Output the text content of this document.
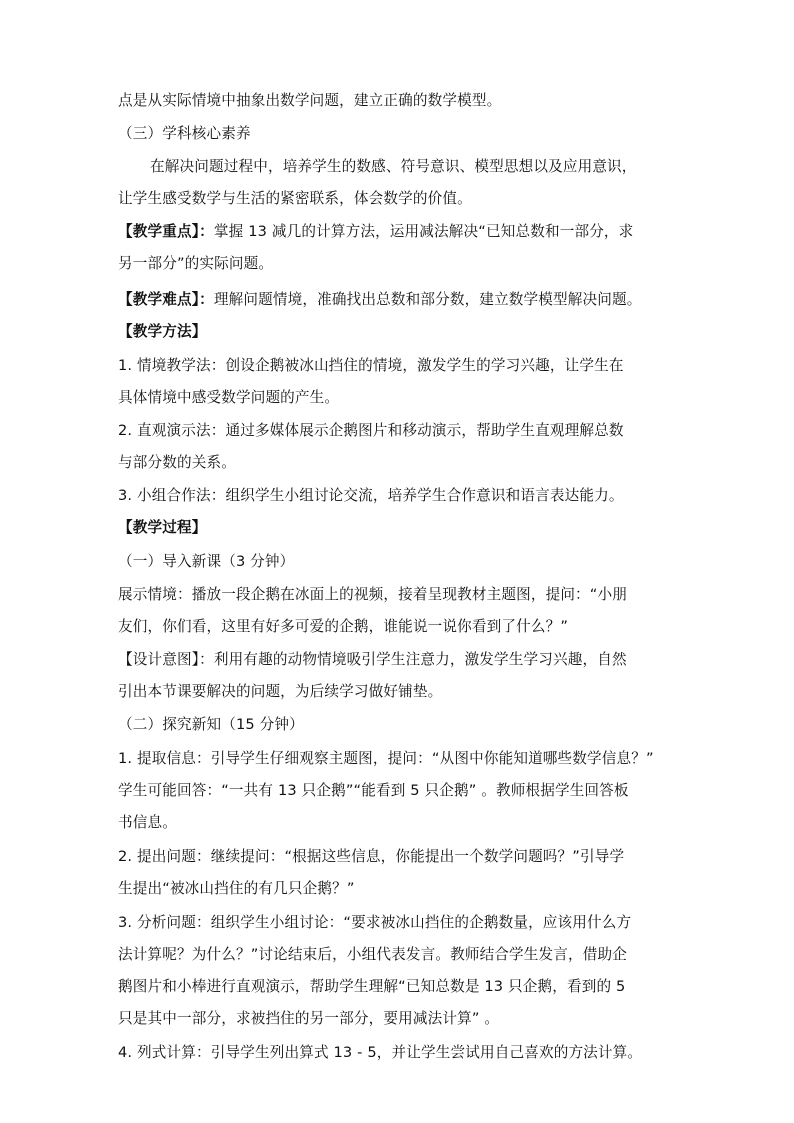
点是从实际情境中抽象出数学问题，建立正确的数学模型。
（三）学科核心素养
在解决问题过程中，培养学生的数感、符号意识、模型思想以及应用意识，
让学生感受数学与生活的紧密联系，体会数学的价值。
【教学重点】：掌握 13 减几的计算方法，运用减法解决“已知总数和一部分，求
另一部分”的实际问题。
【教学难点】：理解问题情境，准确找出总数和部分数，建立数学模型解决问题。
【教学方法】
1. 情境教学法：创设企鹅被冰山挡住的情境，激发学生的学习兴趣，让学生在
具体情境中感受数学问题的产生。
2. 直观演示法：通过多媒体展示企鹅图片和移动演示，帮助学生直观理解总数
与部分数的关系。
3. 小组合作法：组织学生小组讨论交流，培养学生合作意识和语言表达能力。
【教学过程】
（一）导入新课（3 分钟）
展示情境：播放一段企鹅在冰面上的视频，接着呈现教材主题图，提问：“小朋
友们，你们看，这里有好多可爱的企鹅，谁能说一说你看到了什么？”
【设计意图】：利用有趣的动物情境吸引学生注意力，激发学生学习兴趣，自然
引出本节课要解决的问题，为后续学习做好铺垫。
（二）探究新知（15 分钟）
1. 提取信息：引导学生仔细观察主题图，提问：“从图中你能知道哪些数学信息？”
学生可能回答：“一共有 13 只企鹅”“能看到 5 只企鹅” 。教师根据学生回答板
书信息。
2. 提出问题：继续提问：“根据这些信息，你能提出一个数学问题吗？”引导学
生提出“被冰山挡住的有几只企鹅？”
3. 分析问题：组织学生小组讨论：“要求被冰山挡住的企鹅数量，应该用什么方
法计算呢？为什么？”讨论结束后，小组代表发言。教师结合学生发言，借助企
鹅图片和小棒进行直观演示，帮助学生理解“已知总数是 13 只企鹅，看到的 5
只是其中一部分，求被挡住的另一部分，要用减法计算” 。
4. 列式计算：引导学生列出算式 13 - 5，并让学生尝试用自己喜欢的方法计算。
